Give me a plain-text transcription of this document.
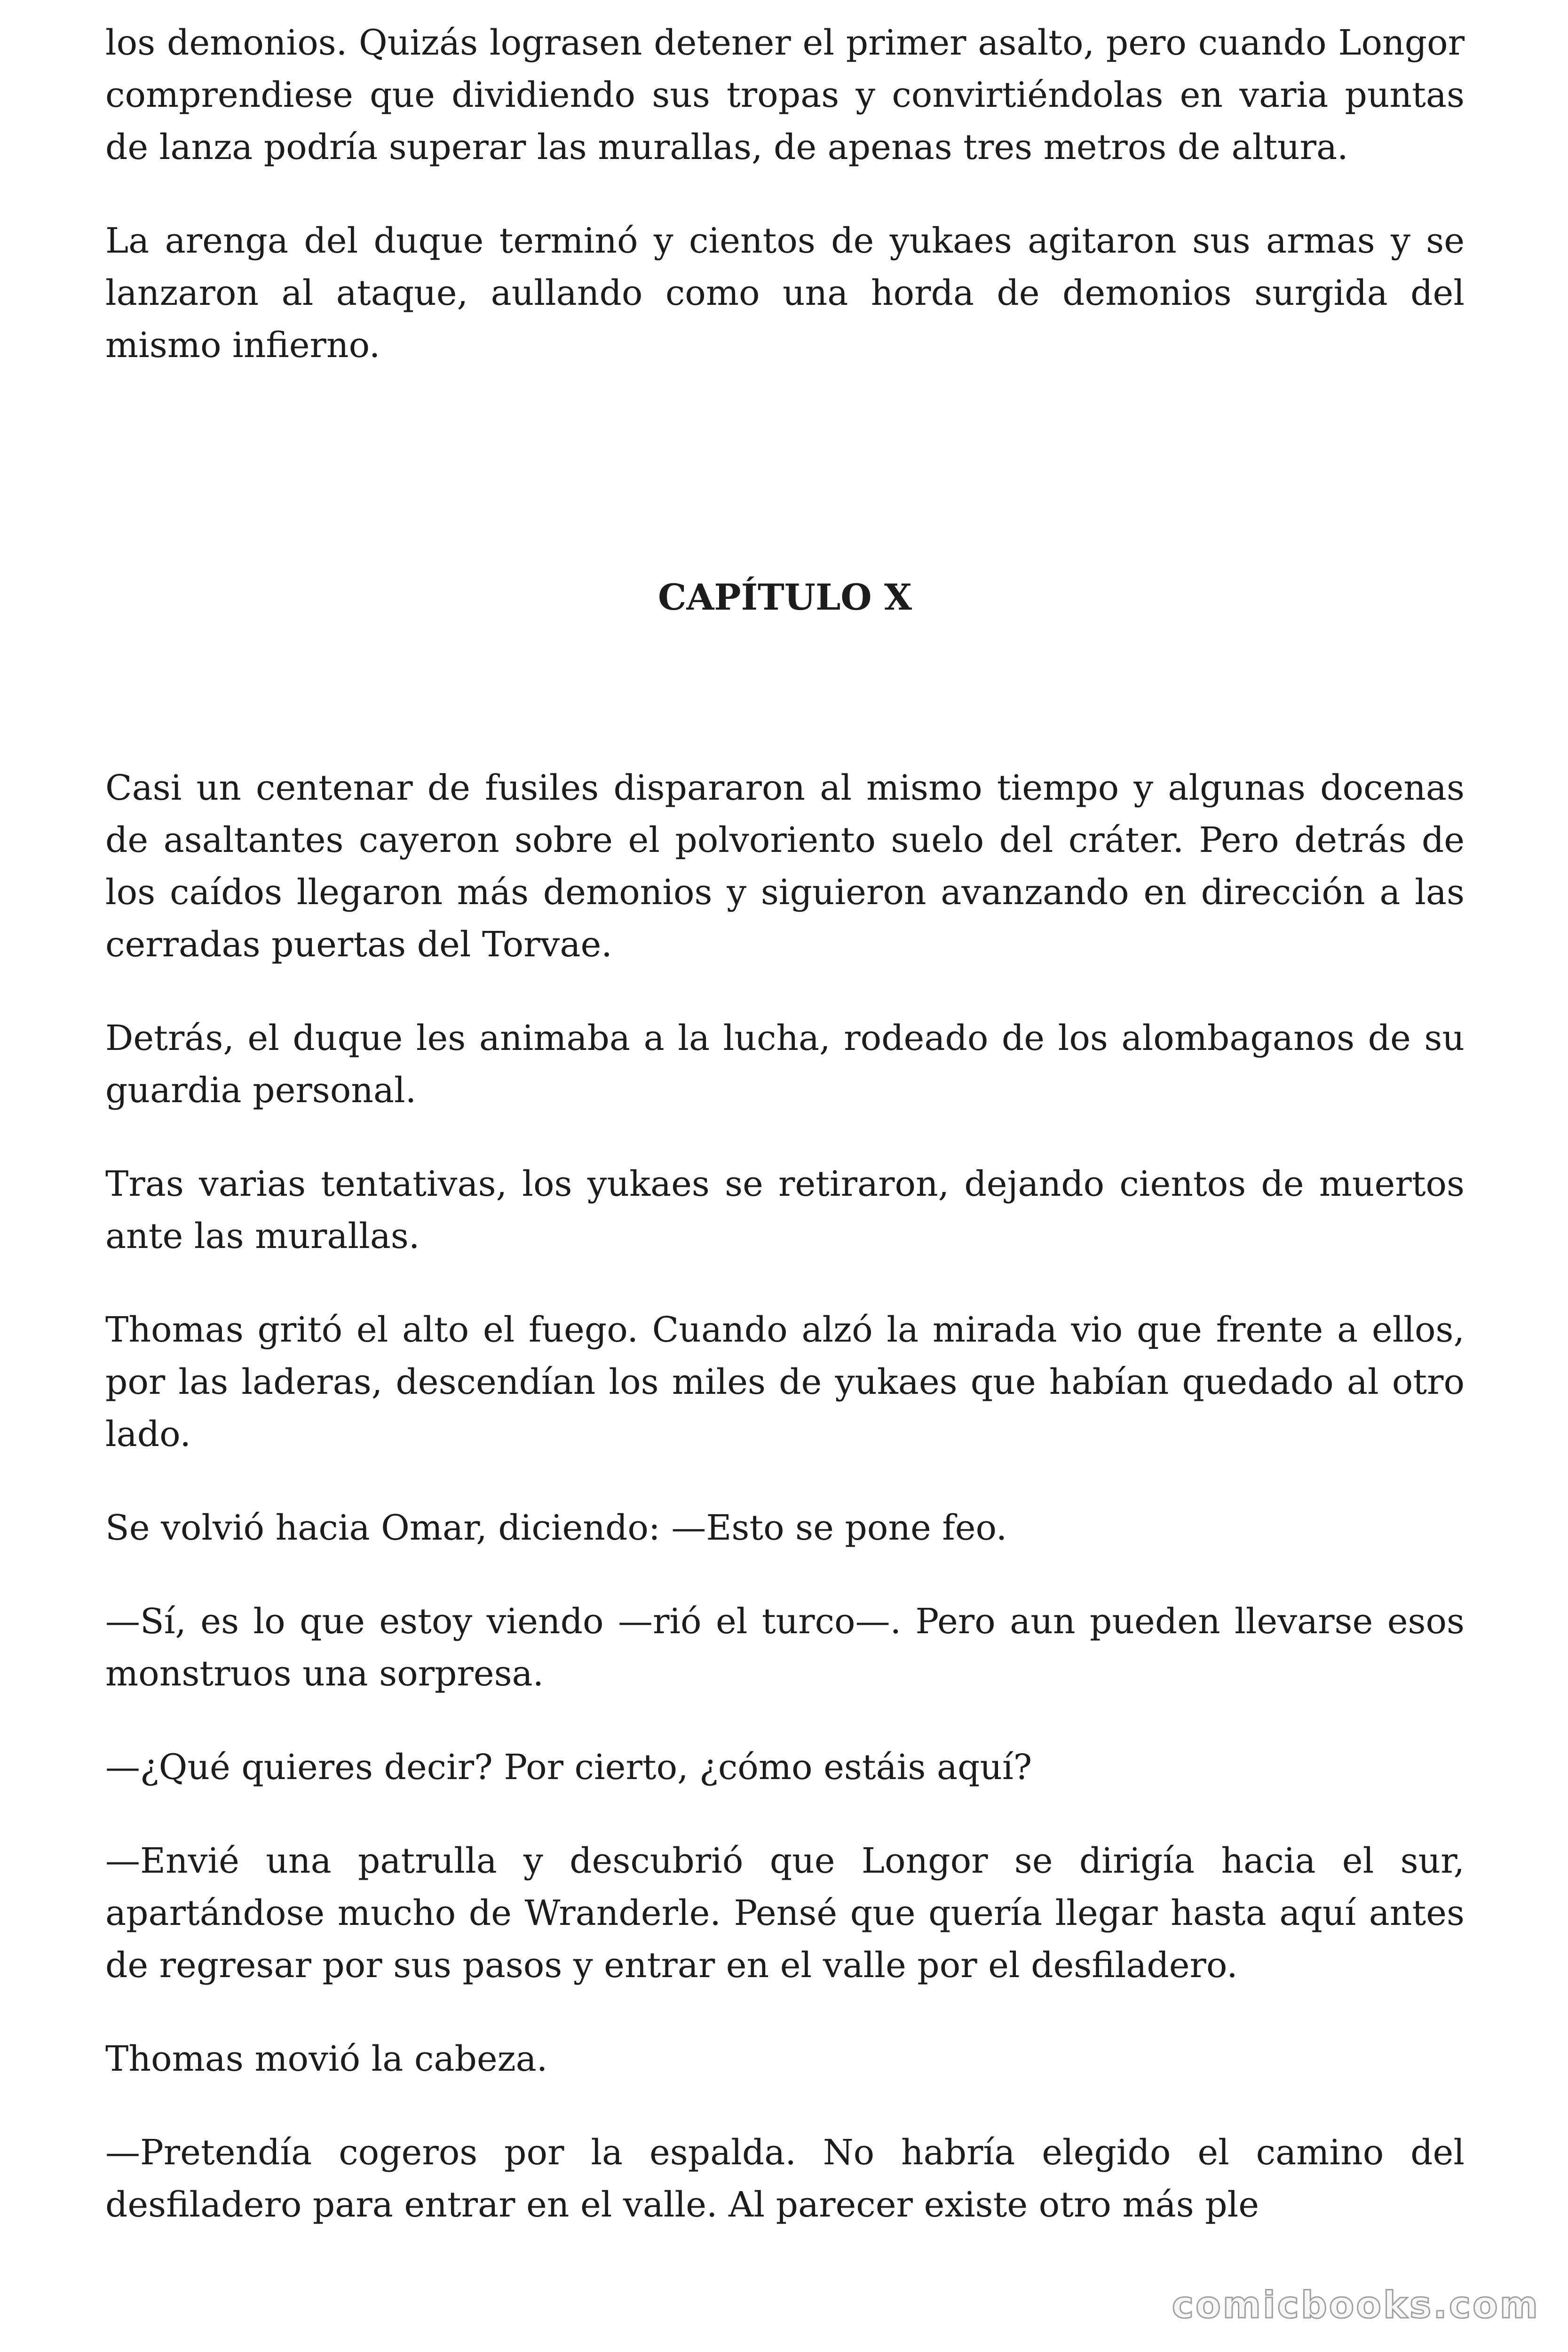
los demonios. Quizás lograsen detener el primer asalto, pero cuando Longor comprendiese que dividiendo sus tropas y convirtiéndolas en varia puntas de lanza podría superar las murallas, de apenas tres metros de altura.

La arenga del duque terminó y cientos de yukaes agitaron sus armas y se lanzaron al ataque, aullando como una horda de demonios surgida del mismo infierno.

CAPÍTULO X

Casi un centenar de fusiles dispararon al mismo tiempo y algunas docenas de asaltantes cayeron sobre el polvoriento suelo del cráter. Pero detrás de los caídos llegaron más demonios y siguieron avanzando en dirección a las cerradas puertas del Torvae.

Detrás, el duque les animaba a la lucha, rodeado de los alombaganos de su guardia personal.

Tras varias tentativas, los yukaes se retiraron, dejando cientos de muertos ante las murallas.

Thomas gritó el alto el fuego. Cuando alzó la mirada vio que frente a ellos, por las laderas, descendían los miles de yukaes que habían quedado al otro lado.

Se volvió hacia Omar, diciendo: —Esto se pone feo.

—Sí, es lo que estoy viendo —rió el turco—. Pero aun pueden llevarse esos monstruos una sorpresa.

—¿Qué quieres decir? Por cierto, ¿cómo estáis aquí?

—Envié una patrulla y descubrió que Longor se dirigía hacia el sur, apartándose mucho de Wranderle. Pensé que quería llegar hasta aquí antes de regresar por sus pasos y entrar en el valle por el desfiladero.

Thomas movió la cabeza.

—Pretendía cogeros por la espalda. No habría elegido el camino del desfiladero para entrar en el valle. Al parecer existe otro más ple

comicbooks.com
